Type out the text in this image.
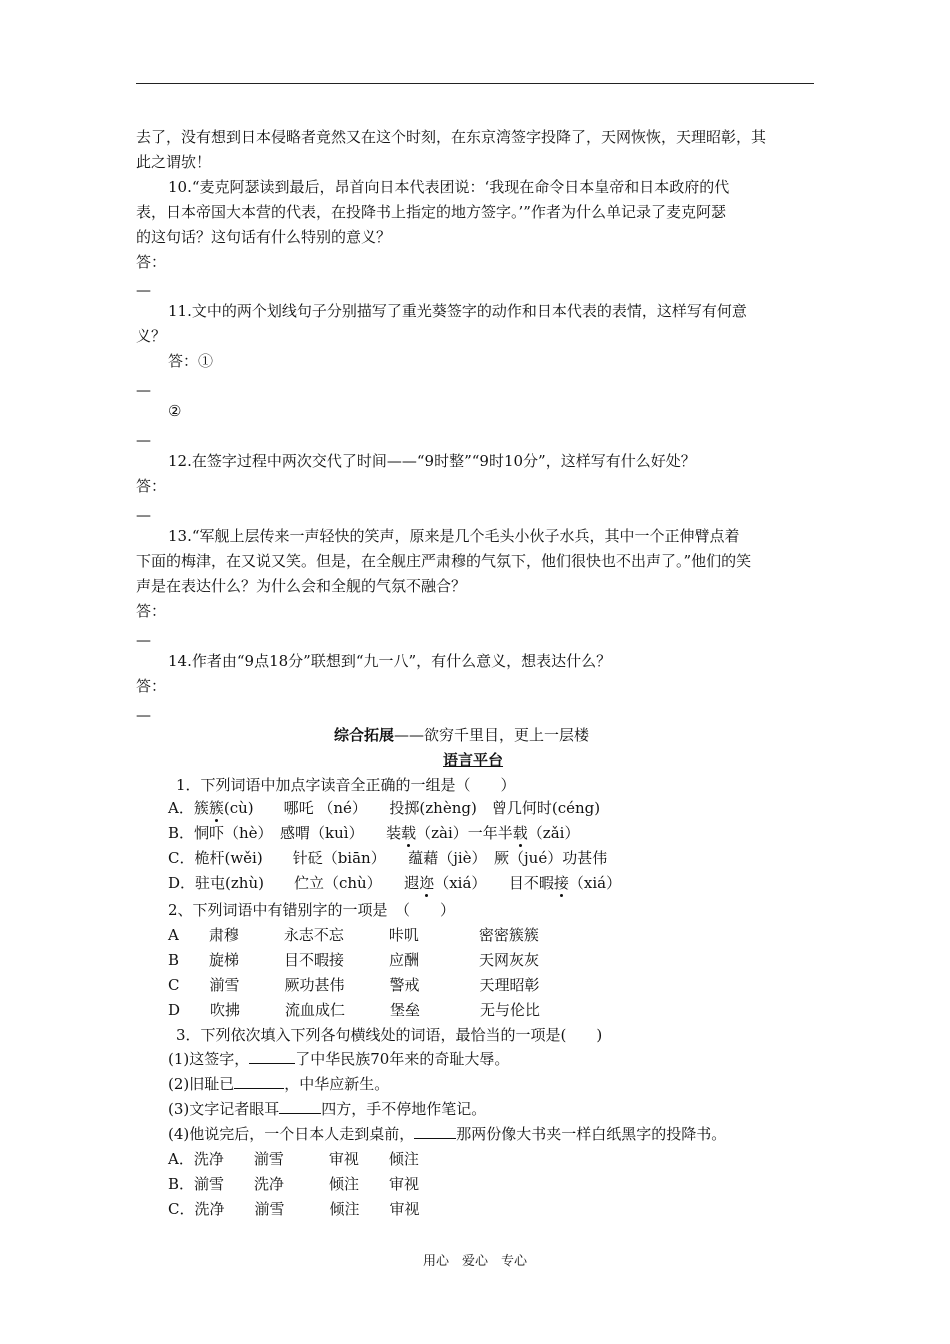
去了，没有想到日本侵略者竟然又在这个时刻，在东京湾签字投降了，天网恢恢，天理昭彰，其
此之谓欤！
10.“麦克阿瑟读到最后，昂首向日本代表团说：‘我现在命令日本皇帝和日本政府的代
表，日本帝国大本营的代表，在投降书上指定的地方签字。’”作者为什么单记录了麦克阿瑟
的这句话？这句话有什么特别的意义？
答：
—
11.文中的两个划线句子分别描写了重光葵签字的动作和日本代表的表情，这样写有何意
义？
答：①
—
②
—
12.在签字过程中两次交代了时间——“9时整”“9时10分”，这样写有什么好处？
答：
—
13.“军舰上层传来一声轻快的笑声，原来是几个毛头小伙子水兵，其中一个正伸臂点着
下面的梅津，在又说又笑。但是，在全舰庄严肃穆的气氛下，他们很快也不出声了。”他们的笑
声是在表达什么？为什么会和全舰的气氛不融合？
答：
—
14.作者由“9点18分”联想到“九一八”，有什么意义，想表达什么？
答：
—
综合拓展——欲穷千里目，更上一层楼
语言平台
1．下列词语中加点字读音全正确的一组是（　　）
A．簇簇(cù)　　哪吒 （né）　　投掷(zhèng)　曾几何时(céng)
B．恫吓（hè）　感喟（kuì）　　装载（zài）一年半载（zǎi）
C．桅杆(wěi)　　针砭（biān）　　蕴藉（jiè）　厥（jué）功甚伟
D．驻屯(zhù)　　伫立（chù）　　遐迩（xiá）　　目不暇接（xiá）
2、下列词语中有错别字的一项是　（　　）
A　　肃穆　　　永志不忘　　　咔叽　　　　密密簇簇
B　　旋梯　　　目不暇接　　　应酬　　　　天网灰灰
C　　湔雪　　　厥功甚伟　　　警戒　　　　天理昭彰
D　　吹拂　　　流血成仁　　　堡垒　　　　无与伦比
3．下列依次填入下列各句横线处的词语，最恰当的一项是(　　)
(1)这签字，	了中华民族70年来的奇耻大辱。
(2)旧耻已	，中华应新生。
(3)文字记者眼耳	四方，手不停地作笔记。
(4)他说完后，一个日本人走到桌前，	那两份像大书夹一样白纸黑字的投降书。
A．洗净　　湔雪　　　审视　　倾注
B．湔雪　　洗净　　　倾注　　审视
C．洗净　　湔雪　　　倾注　　审视
用心　爱心　专心
